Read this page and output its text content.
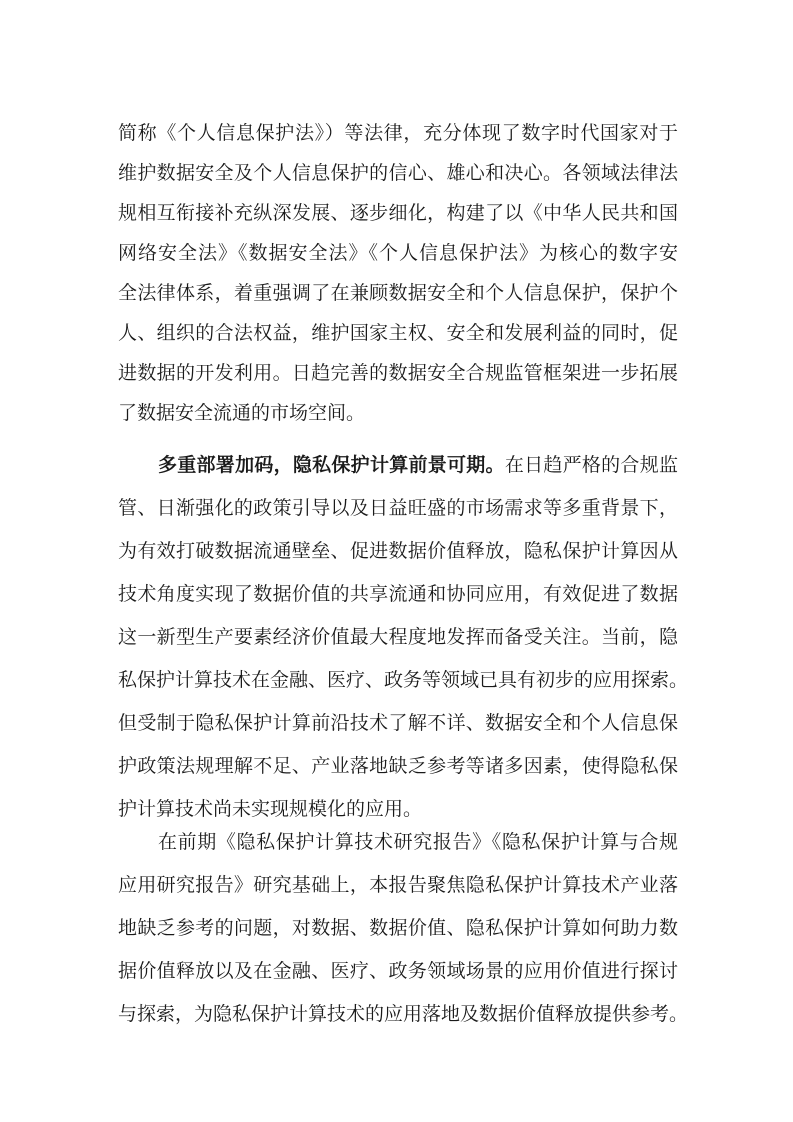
简称《个人信息保护法》）等法律，充分体现了数字时代国家对于
维护数据安全及个人信息保护的信心、雄心和决心。各领域法律法
规相互衔接补充纵深发展、逐步细化，构建了以《中华人民共和国
网络安全法》《数据安全法》《个人信息保护法》为核心的数字安
全法律体系，着重强调了在兼顾数据安全和个人信息保护，保护个
人、组织的合法权益，维护国家主权、安全和发展利益的同时，促
进数据的开发利用。日趋完善的数据安全合规监管框架进一步拓展
了数据安全流通的市场空间。
多重部署加码，隐私保护计算前景可期。在日趋严格的合规监
管、日渐强化的政策引导以及日益旺盛的市场需求等多重背景下，
为有效打破数据流通壁垒、促进数据价值释放，隐私保护计算因从
技术角度实现了数据价值的共享流通和协同应用，有效促进了数据
这一新型生产要素经济价值最大程度地发挥而备受关注。当前，隐
私保护计算技术在金融、医疗、政务等领域已具有初步的应用探索。
但受制于隐私保护计算前沿技术了解不详、数据安全和个人信息保
护政策法规理解不足、产业落地缺乏参考等诸多因素，使得隐私保
护计算技术尚未实现规模化的应用。
在前期《隐私保护计算技术研究报告》《隐私保护计算与合规
应用研究报告》研究基础上，本报告聚焦隐私保护计算技术产业落
地缺乏参考的问题，对数据、数据价值、隐私保护计算如何助力数
据价值释放以及在金融、医疗、政务领域场景的应用价值进行探讨
与探索，为隐私保护计算技术的应用落地及数据价值释放提供参考。
